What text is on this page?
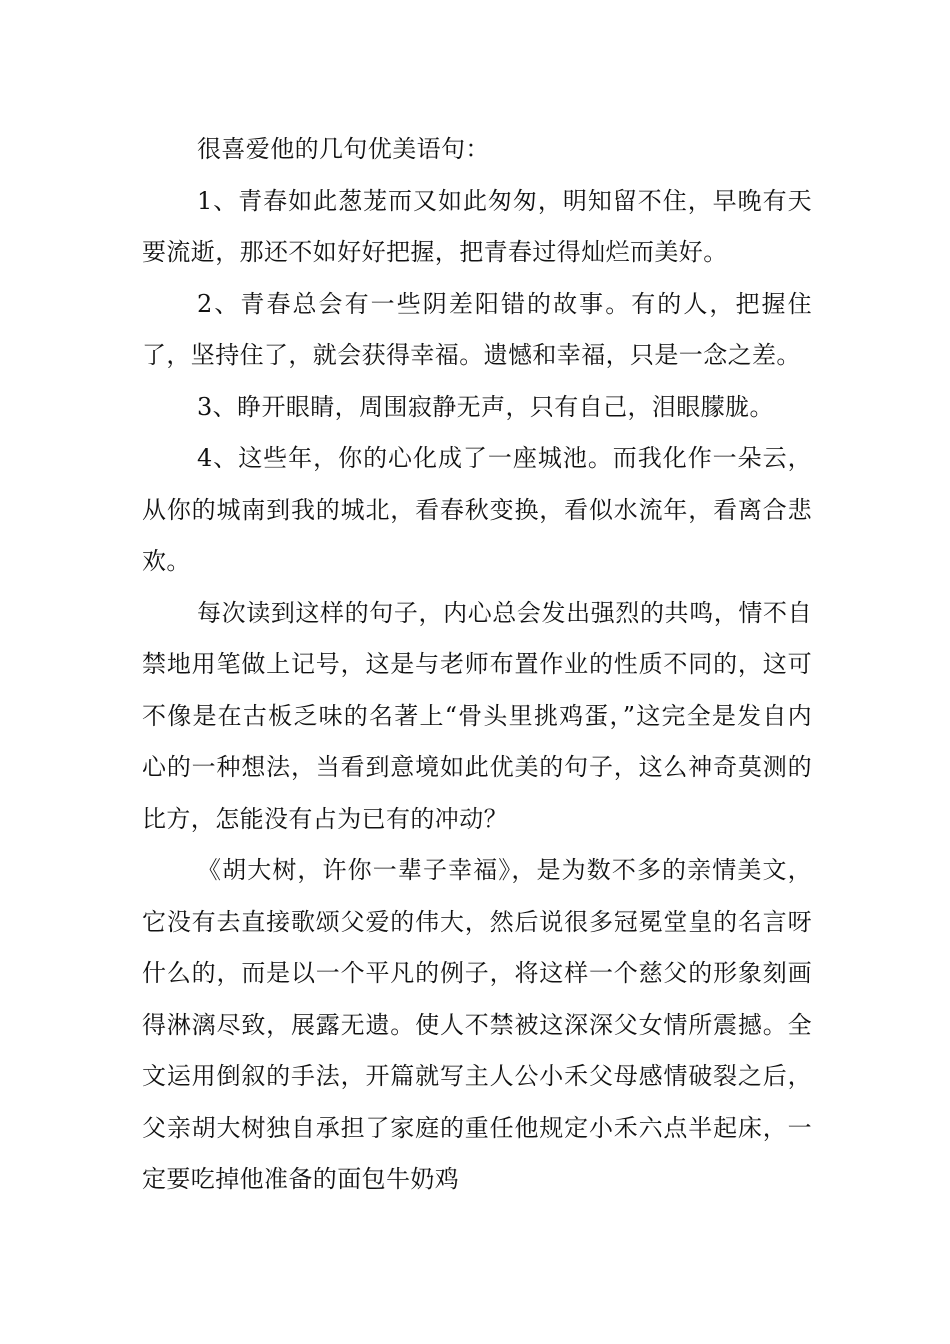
很喜爱他的几句优美语句：

1、青春如此葱茏而又如此匆匆，明知留不住，早晚有天要流逝，那还不如好好把握，把青春过得灿烂而美好。

2、青春总会有一些阴差阳错的故事。有的人，把握住了，坚持住了，就会获得幸福。遗憾和幸福，只是一念之差。

3、睁开眼睛，周围寂静无声，只有自己，泪眼朦胧。

4、这些年，你的心化成了一座城池。而我化作一朵云，从你的城南到我的城北，看春秋变换，看似水流年，看离合悲欢。

每次读到这样的句子，内心总会发出强烈的共鸣，情不自禁地用笔做上记号，这是与老师布置作业的性质不同的，这可不像是在古板乏味的名著上“骨头里挑鸡蛋，”这完全是发自内心的一种想法，当看到意境如此优美的句子，这么神奇莫测的比方，怎能没有占为已有的冲动？

《胡大树，许你一辈子幸福》，是为数不多的亲情美文，它没有去直接歌颂父爱的伟大，然后说很多冠冕堂皇的名言呀什么的，而是以一个平凡的例子，将这样一个慈父的形象刻画得淋漓尽致，展露无遗。使人不禁被这深深父女情所震撼。全文运用倒叙的手法，开篇就写主人公小禾父母感情破裂之后，父亲胡大树独自承担了家庭的重任他规定小禾六点半起床，一定要吃掉他准备的面包牛奶鸡
